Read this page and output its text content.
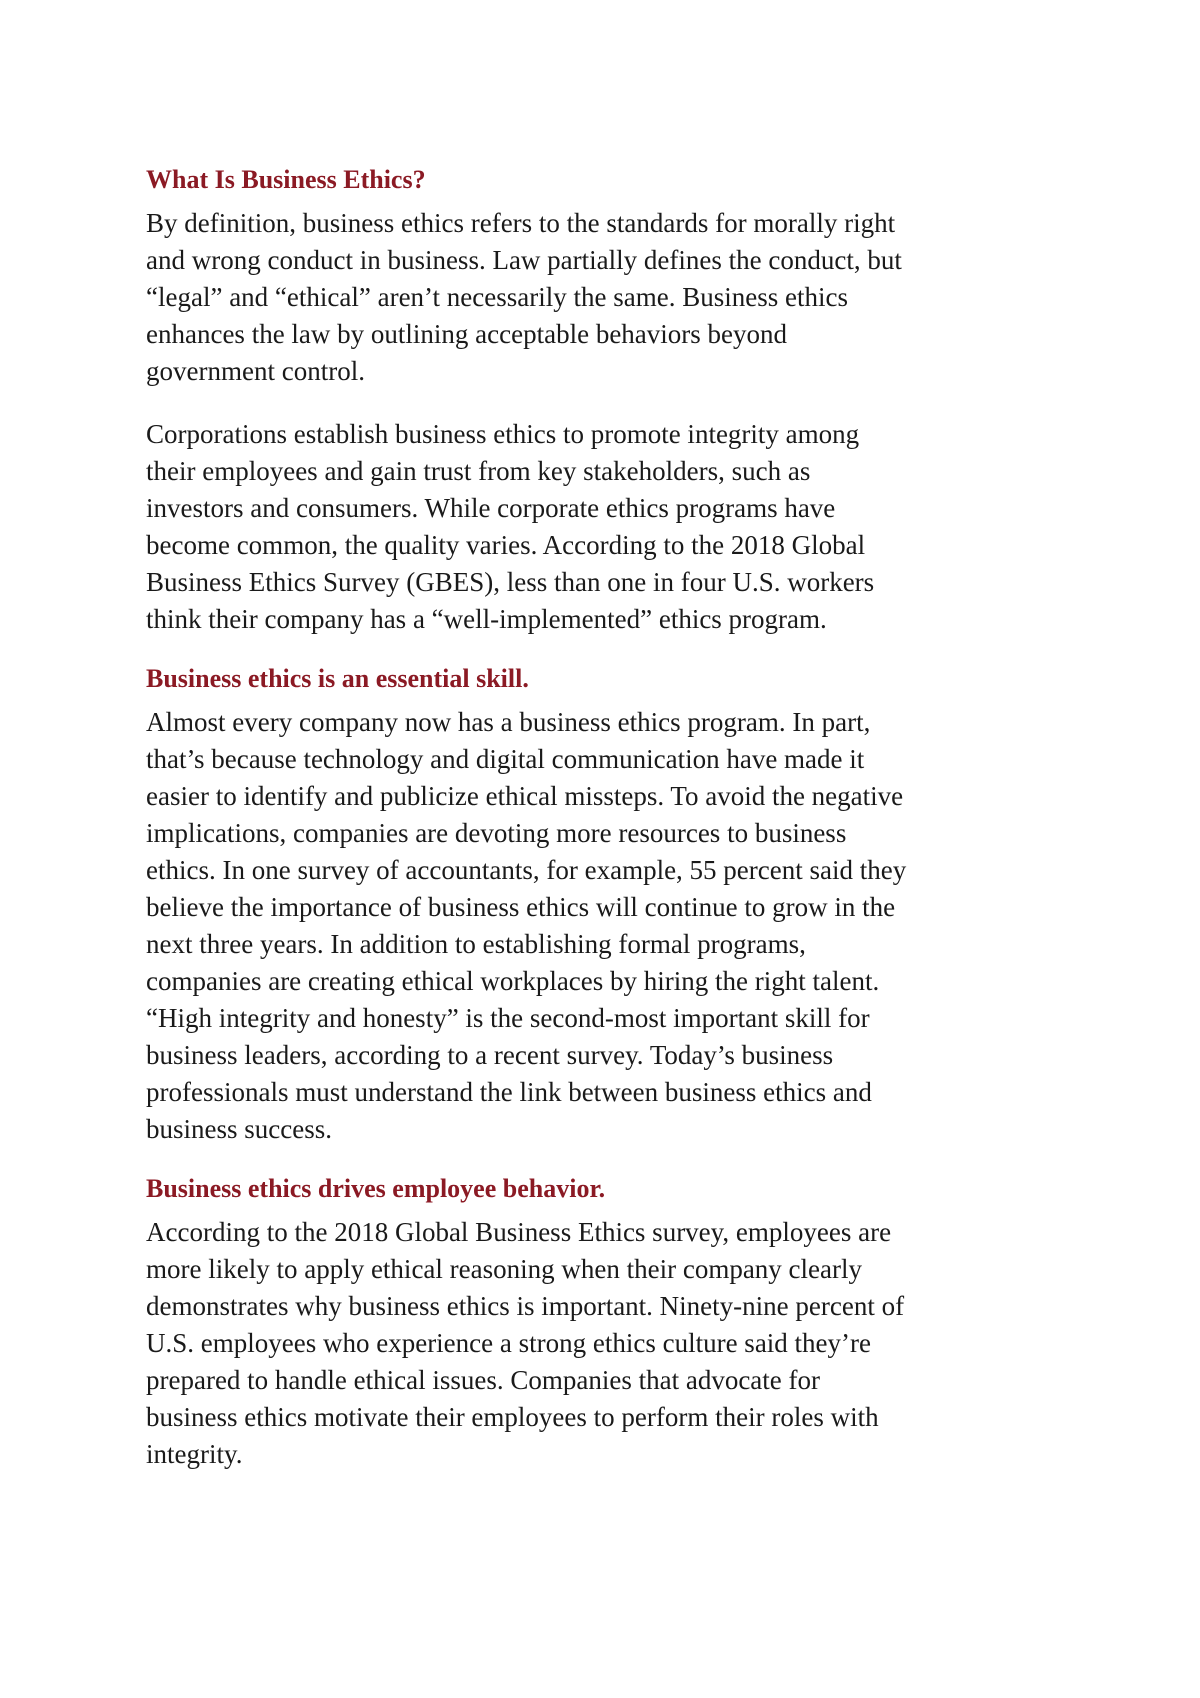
What Is Business Ethics?

By definition, business ethics refers to the standards for morally right
and wrong conduct in business. Law partially defines the conduct, but
“legal” and “ethical” aren’t necessarily the same. Business ethics
enhances the law by outlining acceptable behaviors beyond
government control.

Corporations establish business ethics to promote integrity among
their employees and gain trust from key stakeholders, such as
investors and consumers. While corporate ethics programs have
become common, the quality varies. According to the 2018 Global
Business Ethics Survey (GBES), less than one in four U.S. workers
think their company has a “well-implemented” ethics program.

Business ethics is an essential skill.

Almost every company now has a business ethics program. In part,
that’s because technology and digital communication have made it
easier to identify and publicize ethical missteps. To avoid the negative
implications, companies are devoting more resources to business
ethics. In one survey of accountants, for example, 55 percent said they
believe the importance of business ethics will continue to grow in the
next three years. In addition to establishing formal programs,
companies are creating ethical workplaces by hiring the right talent.
“High integrity and honesty” is the second-most important skill for
business leaders, according to a recent survey. Today’s business
professionals must understand the link between business ethics and
business success.

Business ethics drives employee behavior.

According to the 2018 Global Business Ethics survey, employees are
more likely to apply ethical reasoning when their company clearly
demonstrates why business ethics is important. Ninety-nine percent of
U.S. employees who experience a strong ethics culture said they’re
prepared to handle ethical issues. Companies that advocate for
business ethics motivate their employees to perform their roles with
integrity.
